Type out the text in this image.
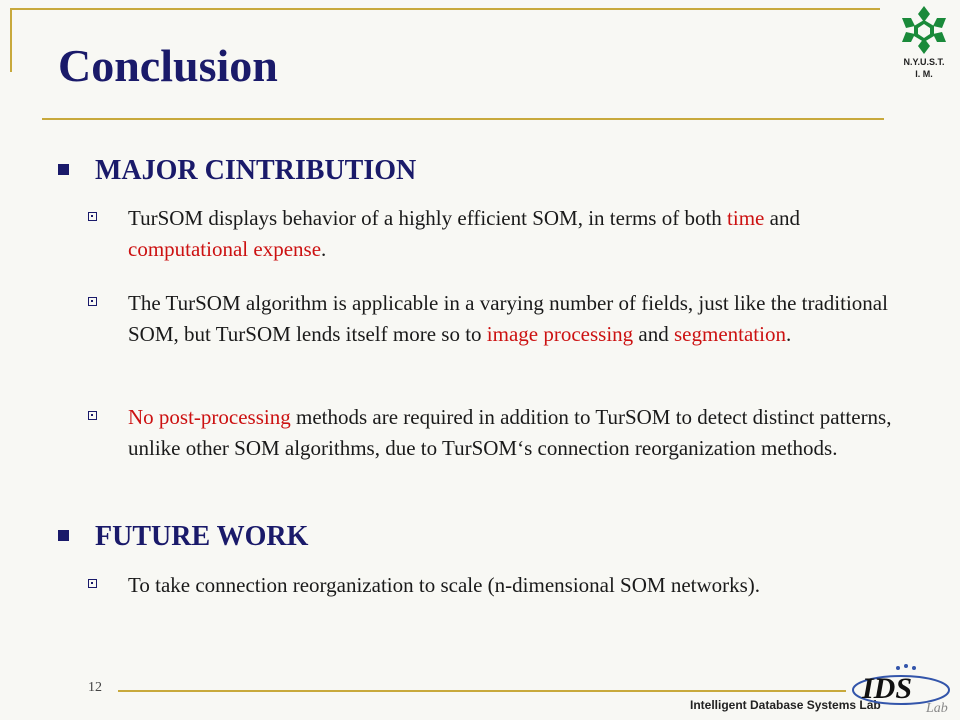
Conclusion	N.Y.U.S.T.
I. M.
MAJOR CINTRIBUTION
TurSOM displays behavior of a highly efficient SOM, in terms of both time and computational expense.
The TurSOM algorithm is applicable in a varying number of fields, just like the traditional SOM, but TurSOM lends itself more so to image processing and segmentation.
No post-processing methods are required in addition to TurSOM to detect distinct patterns, unlike other SOM algorithms, due to TurSOM‘s connection reorganization methods.
FUTURE WORK
To take connection reorganization to scale (n-dimensional SOM networks).
12
Intelligent Database Systems Lab
IDS
Lab
